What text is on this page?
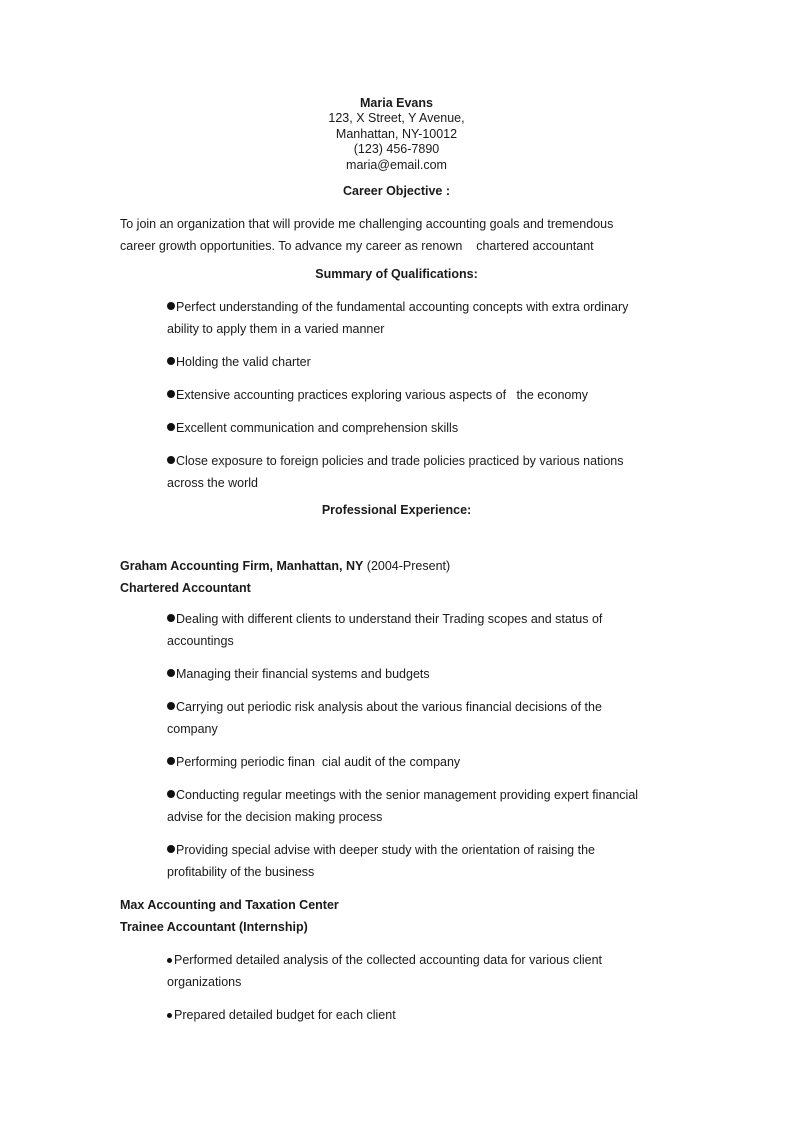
Maria Evans
123, X Street, Y Avenue,
Manhattan, NY-10012
(123) 456-7890
maria@email.com
Career Objective :
To join an organization that will provide me challenging accounting goals and tremendous
career growth opportunities. To advance my career as renown    chartered accountant
Summary of Qualifications:
Perfect understanding of the fundamental accounting concepts with extra ordinary
ability to apply them in a varied manner
Holding the valid charter
Extensive accounting practices exploring various aspects of   the economy
Excellent communication and comprehension skills
Close exposure to foreign policies and trade policies practiced by various nations
across the world
Professional Experience:
Graham Accounting Firm, Manhattan, NY (2004-Present)
Chartered Accountant
Dealing with different clients to understand their Trading scopes and status of
accountings
Managing their financial systems and budgets
Carrying out periodic risk analysis about the various financial decisions of the
company
Performing periodic finan  cial audit of the company
Conducting regular meetings with the senior management providing expert financial
advise for the decision making process
Providing special advise with deeper study with the orientation of raising the
profitability of the business
Max Accounting and Taxation Center
Trainee Accountant (Internship)
Performed detailed analysis of the collected accounting data for various client
organizations
Prepared detailed budget for each client
